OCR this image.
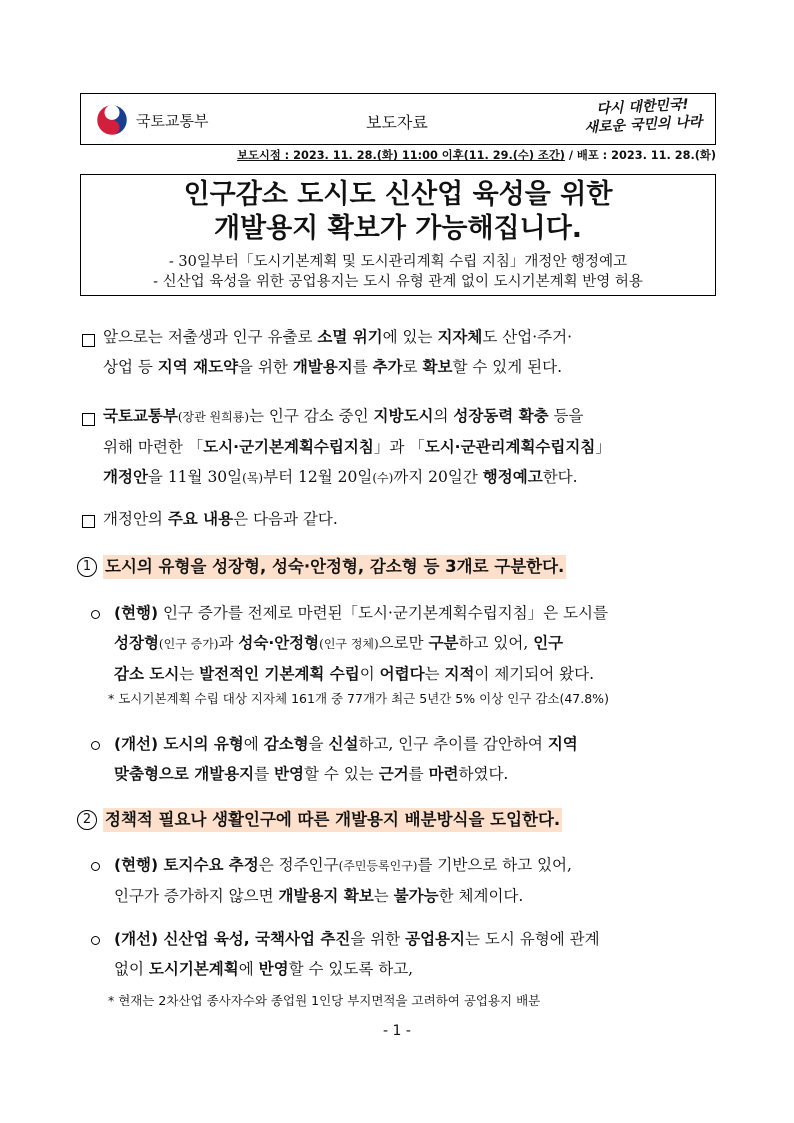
국토교통부	보도자료
다시 대한민국!
새로운 국민의 나라
보도시점 : 2023. 11. 28.(화) 11:00 이후(11. 29.(수) 조간) / 배포 : 2023. 11. 28.(화)
인구감소 도시도 신산업 육성을 위한
개발용지 확보가 가능해집니다.
- 30일부터「도시기본계획 및 도시관리계획 수립 지침」개정안 행정예고
- 신산업 육성을 위한 공업용지는 도시 유형 관계 없이 도시기본계획 반영 허용
앞으로는 저출생과 인구 유출로 소멸 위기에 있는 지자체도 산업·주거·
상업 등 지역 재도약을 위한 개발용지를 추가로 확보할 수 있게 된다.
국토교통부(장관 원희룡)는 인구 감소 중인 지방도시의 성장동력 확충 등을
위해 마련한 「도시·군기본계획수립지침」과 「도시·군관리계획수립지침」
개정안을 11월 30일(목)부터 12월 20일(수)까지 20일간 행정예고한다.
개정안의 주요 내용은 다음과 같다.
1 도시의 유형을 성장형, 성숙·안정형, 감소형 등 3개로 구분한다.
(현행) 인구 증가를 전제로 마련된「도시·군기본계획수립지침」은 도시를
성장형(인구 증가)과 성숙·안정형(인구 정체)으로만 구분하고 있어, 인구
감소 도시는 발전적인 기본계획 수립이 어렵다는 지적이 제기되어 왔다.
* 도시기본계획 수립 대상 지자체 161개 중 77개가 최근 5년간 5% 이상 인구 감소(47.8%)
(개선) 도시의 유형에 감소형을 신설하고, 인구 추이를 감안하여 지역
맞춤형으로 개발용지를 반영할 수 있는 근거를 마련하였다.
2 정책적 필요나 생활인구에 따른 개발용지 배분방식을 도입한다.
(현행) 토지수요 추정은 정주인구(주민등록인구)를 기반으로 하고 있어,
인구가 증가하지 않으면 개발용지 확보는 불가능한 체계이다.
(개선) 신산업 육성, 국책사업 추진을 위한 공업용지는 도시 유형에 관계
없이 도시기본계획에 반영할 수 있도록 하고,
* 현재는 2차산업 종사자수와 종업원 1인당 부지면적을 고려하여 공업용지 배분
- 1 -
